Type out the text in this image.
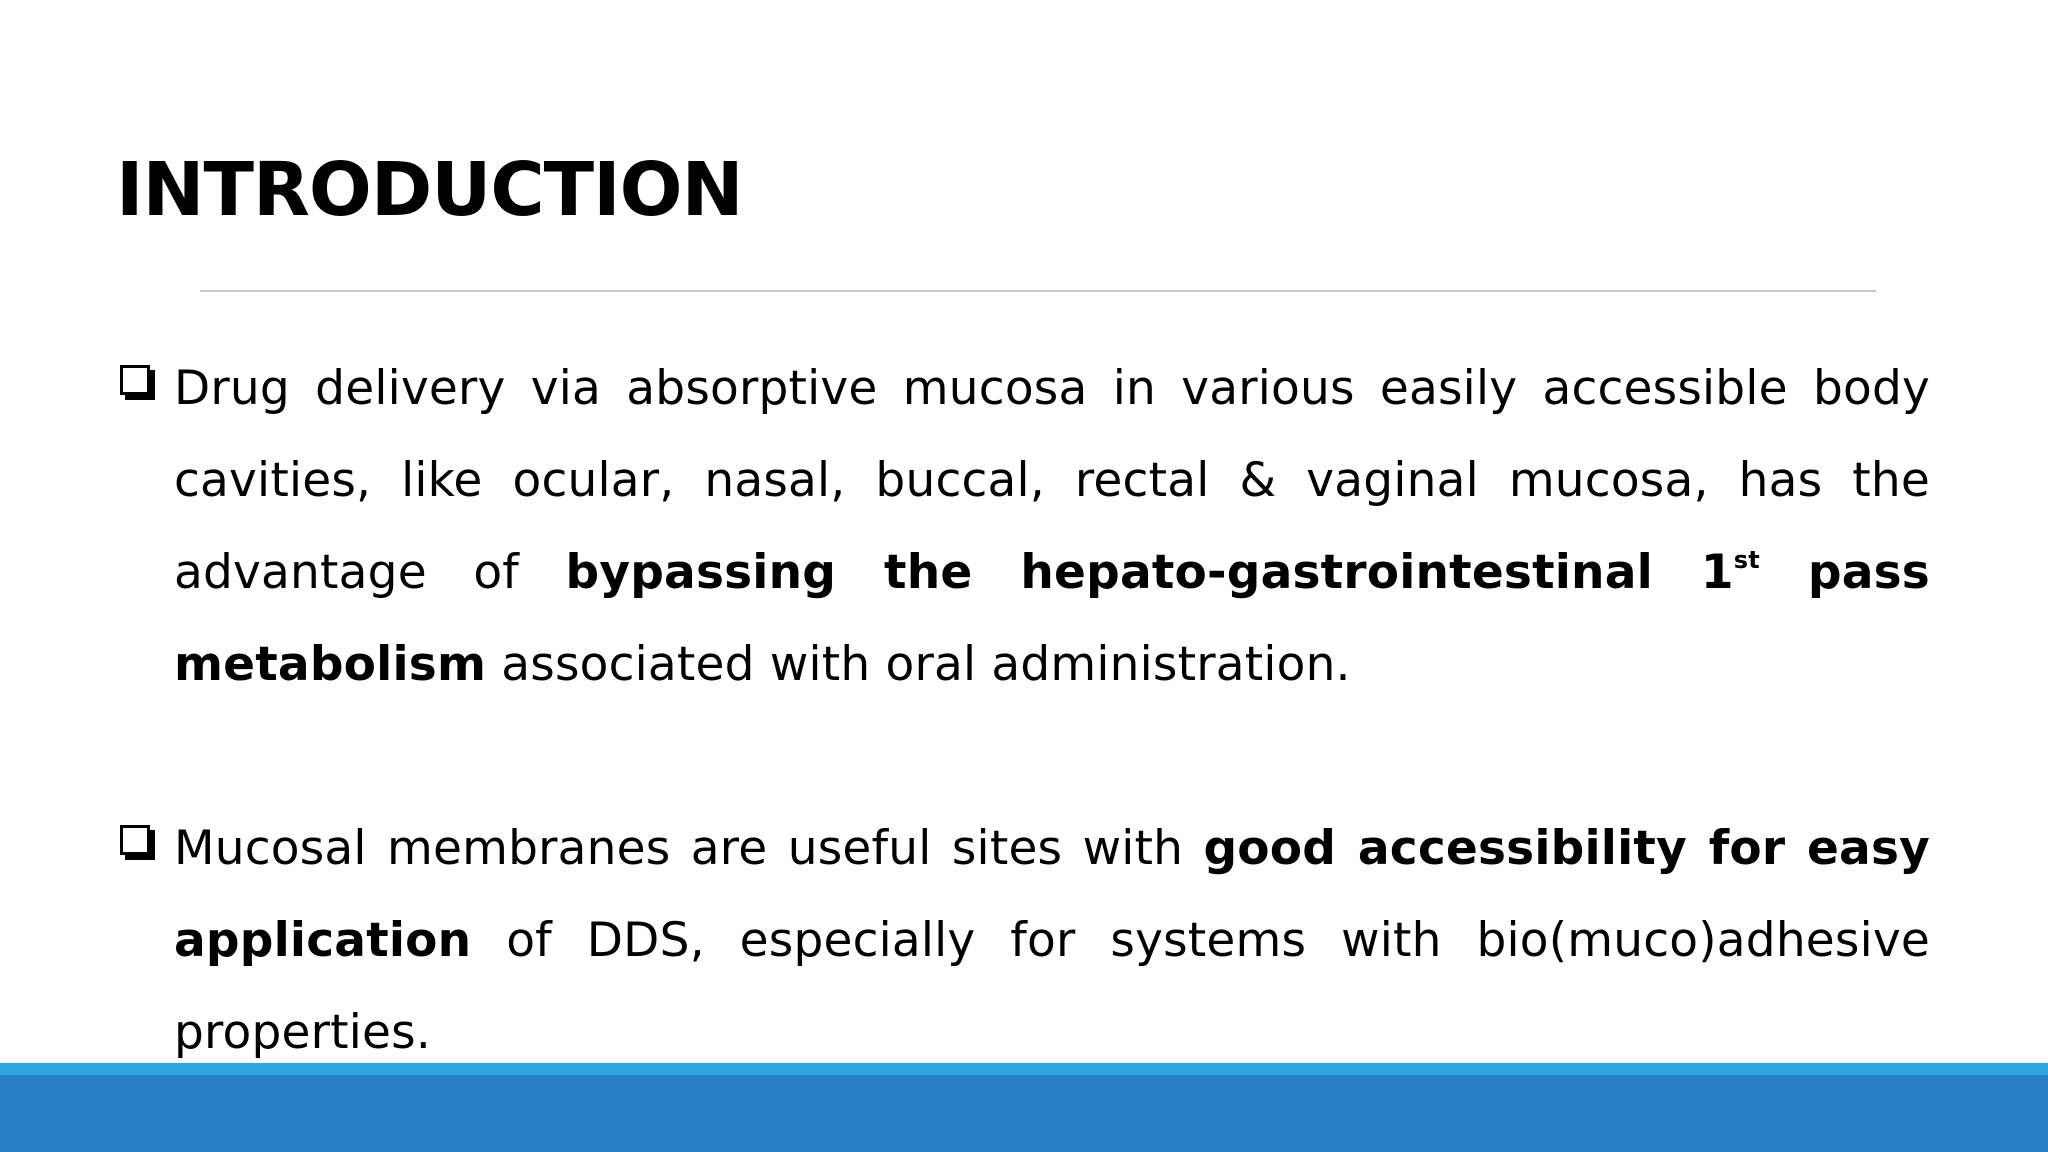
INTRODUCTION

Drug delivery via absorptive mucosa in various easily accessible body cavities, like ocular, nasal, buccal, rectal & vaginal mucosa, has the advantage of bypassing the hepato-gastrointestinal 1st pass metabolism associated with oral administration.

Mucosal membranes are useful sites with good accessibility for easy application of DDS, especially for systems with bio(muco)adhesive properties.
